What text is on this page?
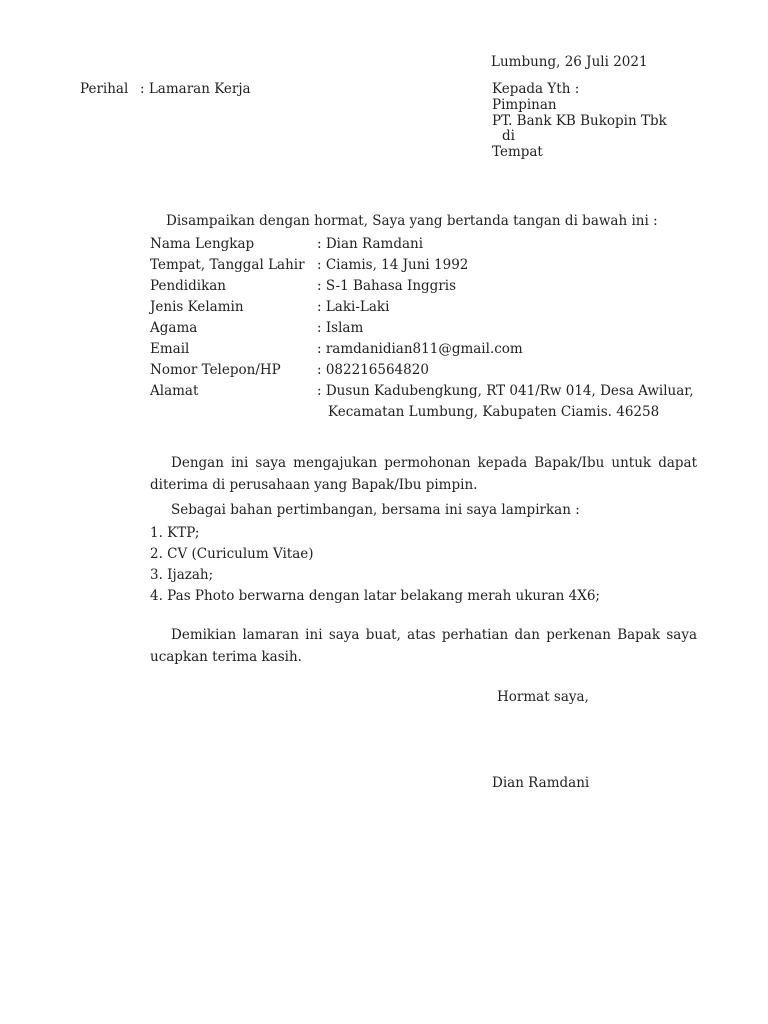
Lumbung, 26 Juli 2021
Perihal : Lamaran Kerja	Kepada Yth :
Pimpinan
PT. Bank KB Bukopin Tbk
di
Tempat
Disampaikan dengan hormat, Saya yang bertanda tangan di bawah ini :
Nama Lengkap	: Dian Ramdani
Tempat, Tanggal Lahir : Ciamis, 14 Juni 1992
Pendidikan	: S-1 Bahasa Inggris
Jenis Kelamin	: Laki-Laki
Agama	: Islam
Email	: ramdanidian811@gmail.com
Nomor Telepon/HP	: 082216564820
Alamat	: Dusun Kadubengkung, RT 041/Rw 014, Desa Awiluar,
Kecamatan Lumbung, Kabupaten Ciamis. 46258
Dengan ini saya mengajukan permohonan kepada Bapak/Ibu untuk dapat diterima di perusahaan yang Bapak/Ibu pimpin.
Sebagai bahan pertimbangan, bersama ini saya lampirkan :
1. KTP;
2. CV (Curiculum Vitae)
3. Ijazah;
4. Pas Photo berwarna dengan latar belakang merah ukuran 4X6;
Demikian lamaran ini saya buat, atas perhatian dan perkenan Bapak saya ucapkan terima kasih.
Hormat saya,
Dian Ramdani
